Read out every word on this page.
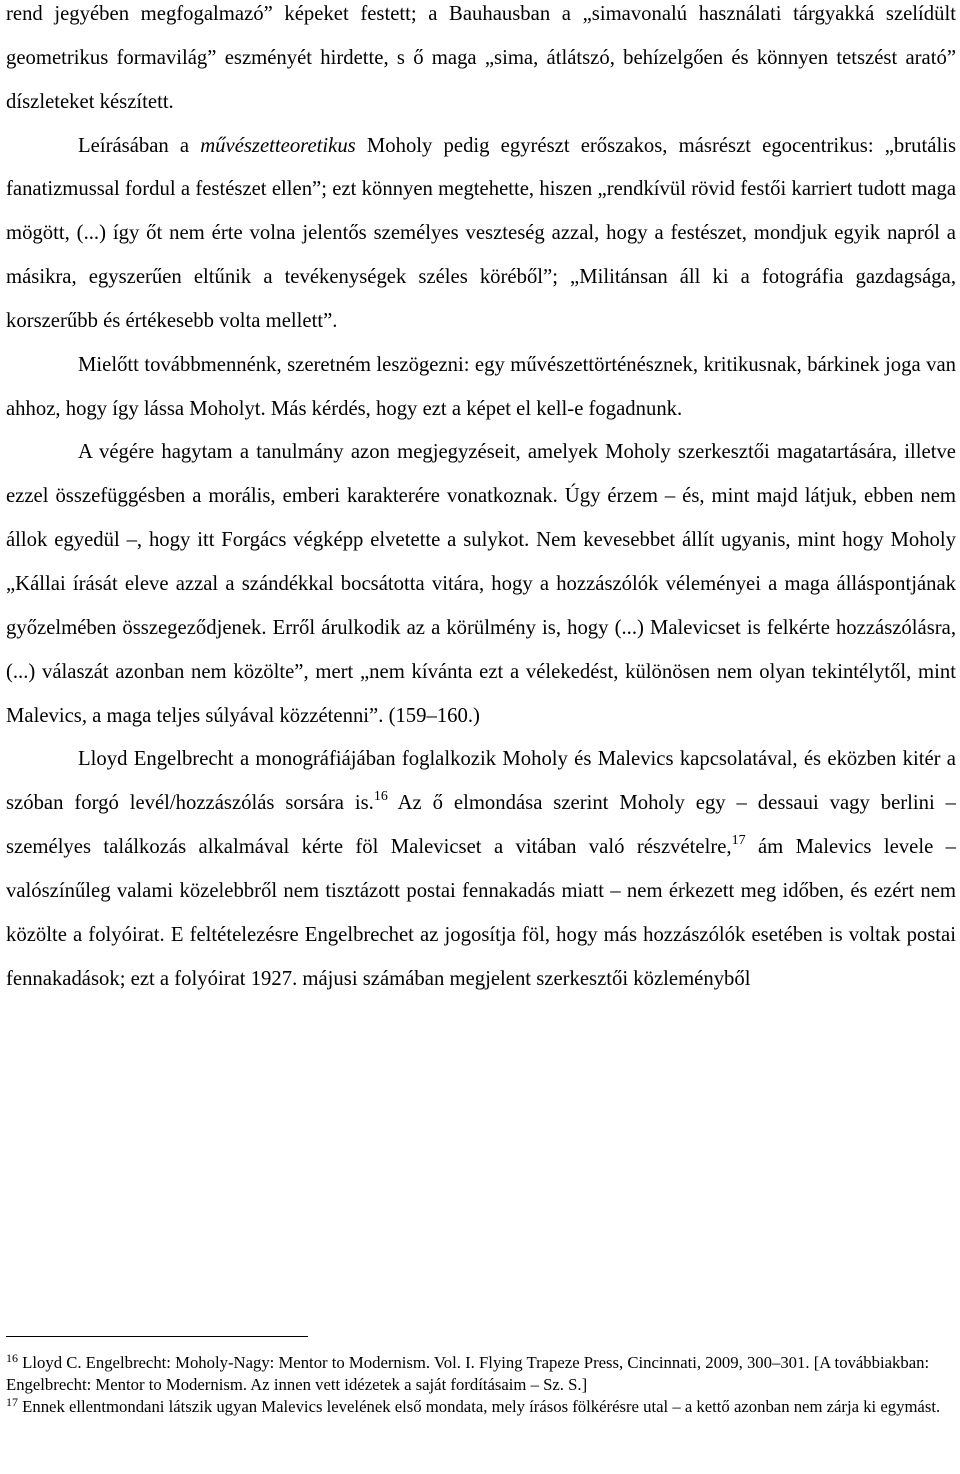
rend jegyében megfogalmazó” képeket festett; a Bauhausban a „simavonalú használati tárgyakká szelídült geometrikus formavilág” eszményét hirdette, s ő maga „sima, átlátszó, behízelgően és könnyen tetszést arató” díszleteket készített.

Leírásában a művészetteoretikus Moholy pedig egyrészt erőszakos, másrészt egocentrikus: „brutális fanatizmussal fordul a festészet ellen”; ezt könnyen megtehette, hiszen „rendkívül rövid festői karriert tudott maga mögött, (...) így őt nem érte volna jelentős személyes veszteség azzal, hogy a festészet, mondjuk egyik napról a másikra, egyszerűen eltűnik a tevékenységek széles köréből”; „Militánsan áll ki a fotográfia gazdagsága, korszerűbb és értékesebb volta mellett”.

Mielőtt továbbmennénk, szeretném leszögezni: egy művészettörténésznek, kritikusnak, bárkinek joga van ahhoz, hogy így lássa Moholyt. Más kérdés, hogy ezt a képet el kell-e fogadnunk.

A végére hagytam a tanulmány azon megjegyzéseit, amelyek Moholy szerkesztői magatartására, illetve ezzel összefüggésben a morális, emberi karakterére vonatkoznak. Úgy érzem – és, mint majd látjuk, ebben nem állok egyedül –, hogy itt Forgács végképp elvetette a sulykot. Nem kevesebbet állít ugyanis, mint hogy Moholy „Kállai írását eleve azzal a szándékkal bocsátotta vitára, hogy a hozzászólók véleményei a maga álláspontjának győzelmében összegeződjenek. Erről árulkodik az a körülmény is, hogy (...) Malevicset is felkérte hozzászólásra, (...) válaszát azonban nem közölte”, mert „nem kívánta ezt a vélekedést, különösen nem olyan tekintélytől, mint Malevics, a maga teljes súlyával közzétenni”. (159–160.)

Lloyd Engelbrecht a monográfiájában foglalkozik Moholy és Malevics kapcsolatával, és eközben kitér a szóban forgó levél/hozzászólás sorsára is.$^{16}$ Az ő elmondása szerint Moholy egy – dessaui vagy berlini – személyes találkozás alkalmával kérte föl Malevicset a vitában való részvételre,$^{17}$ ám Malevics levele – valószínűleg valami közelebbről nem tisztázott postai fennakadás miatt – nem érkezett meg időben, és ezért nem közölte a folyóirat. E feltételezésre Engelbrechet az jogosítja föl, hogy más hozzászólók esetében is voltak postai fennakadások; ezt a folyóirat 1927. májusi számában megjelent szerkesztői közleményből

$^{16}$ Lloyd C. Engelbrecht: Moholy-Nagy: Mentor to Modernism. Vol. I. Flying Trapeze Press, Cincinnati, 2009, 300–301. [A továbbiakban: Engelbrecht: Mentor to Modernism. Az innen vett idézetek a saját fordításaim – Sz. S.]

$^{17}$ Ennek ellentmondani látszik ugyan Malevics levelének első mondata, mely írásos fölkérésre utal – a kettő azonban nem zárja ki egymást.
